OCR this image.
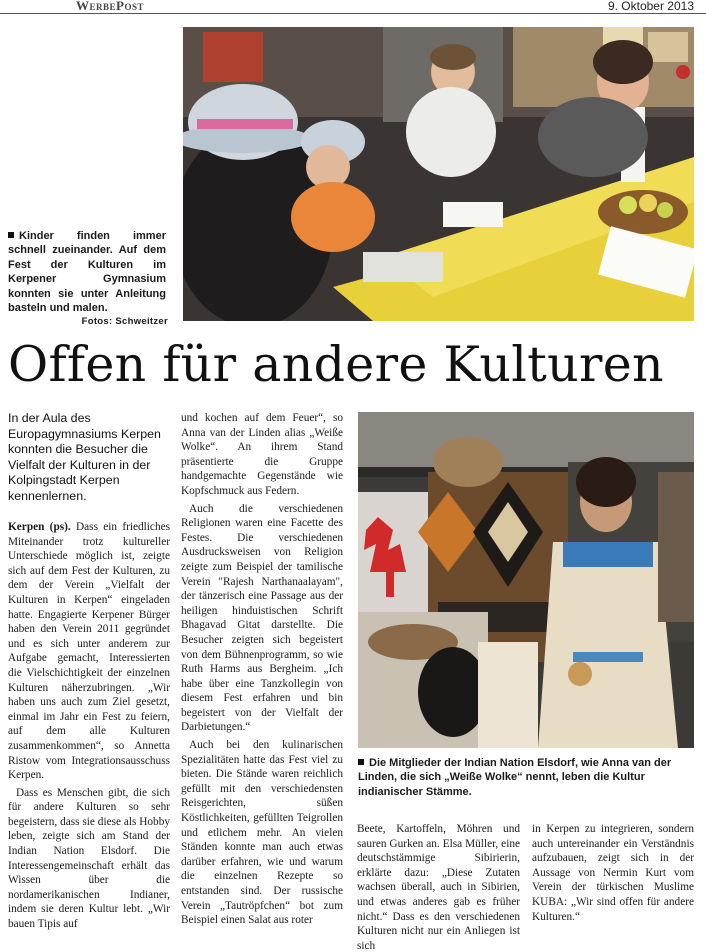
WerbePost	9. Oktober 2013
Kinder finden immer schnell zueinander. Auf dem Fest der Kulturen im Kerpener Gymnasium konnten sie unter Anleitung basteln und malen.
Fotos: Schweitzer
Offen für andere Kulturen
In der Aula des Europagymnasiums Kerpen konnten die Besucher die Vielfalt der Kulturen in der Kolpingstadt Kerpen kennenlernen.

Kerpen (ps). Dass ein friedliches Miteinander trotz kultureller Unterschiede möglich ist, zeigte sich auf dem Fest der Kulturen, zu dem der Verein „Vielfalt der Kulturen in Kerpen“ eingeladen hatte. Engagierte Kerpener Bürger haben den Verein 2011 gegründet und es sich unter anderem zur Aufgabe gemacht, Interessierten die Vielschichtigkeit der einzelnen Kulturen näherzubringen. „Wir haben uns auch zum Ziel gesetzt, einmal im Jahr ein Fest zu feiern, auf dem alle Kulturen zusammenkommen“, so Annetta Ristow vom Integrationsausschuss Kerpen.

Dass es Menschen gibt, die sich für andere Kulturen so sehr begeistern, dass sie diese als Hobby leben, zeigte sich am Stand der Indian Nation Elsdorf. Die Interessengemeinschaft erhält das Wissen über die nordamerikanischen Indianer, indem sie deren Kultur lebt. „Wir bauen Tipis auf

und kochen auf dem Feuer“, so Anna van der Linden alias „Weiße Wolke“. An ihrem Stand präsentierte die Gruppe handgemachte Gegenstände wie Kopfschmuck aus Federn.

Auch die verschiedenen Religionen waren eine Facette des Festes. Die verschiedenen Ausdrucksweisen von Religion zeigte zum Beispiel der tamilische Verein "Rajesh Narthanaalayam", der tänzerisch eine Passage aus der heiligen hinduistischen Schrift Bhagavad Gitat darstellte. Die Besucher zeigten sich begeistert von dem Bühnenprogramm, so wie Ruth Harms aus Bergheim. „Ich habe über eine Tanzkollegin von diesem Fest erfahren und bin begeistert von der Vielfalt der Darbietungen.“

Auch bei den kulinarischen Spezialitäten hatte das Fest viel zu bieten. Die Stände waren reichlich gefüllt mit den verschiedensten Reisgerichten, süßen Köstlichkeiten, gefüllten Teigrollen und etlichem mehr. An vielen Ständen konnte man auch etwas darüber erfahren, wie und warum die einzelnen Rezepte so entstanden sind. Der russische Verein „Tautröpfchen“ bot zum Beispiel einen Salat aus roter

Die Mitglieder der Indian Nation Elsdorf, wie Anna van der Linden, die sich „Weiße Wolke“ nennt, leben die Kultur indianischer Stämme.

Beete, Kartoffeln, Möhren und sauren Gurken an. Elsa Müller, eine deutschstämmige Sibirierin, erklärte dazu: „Diese Zutaten wachsen überall, auch in Sibirien, und etwas anderes gab es früher nicht.“ Dass es den verschiedenen Kulturen nicht nur ein Anliegen ist sich

in Kerpen zu integrieren, sondern auch untereinander ein Verständnis aufzubauen, zeigt sich in der Aussage von Nermin Kurt vom Verein der türkischen Muslime KUBA: „Wir sind offen für andere Kulturen.“
